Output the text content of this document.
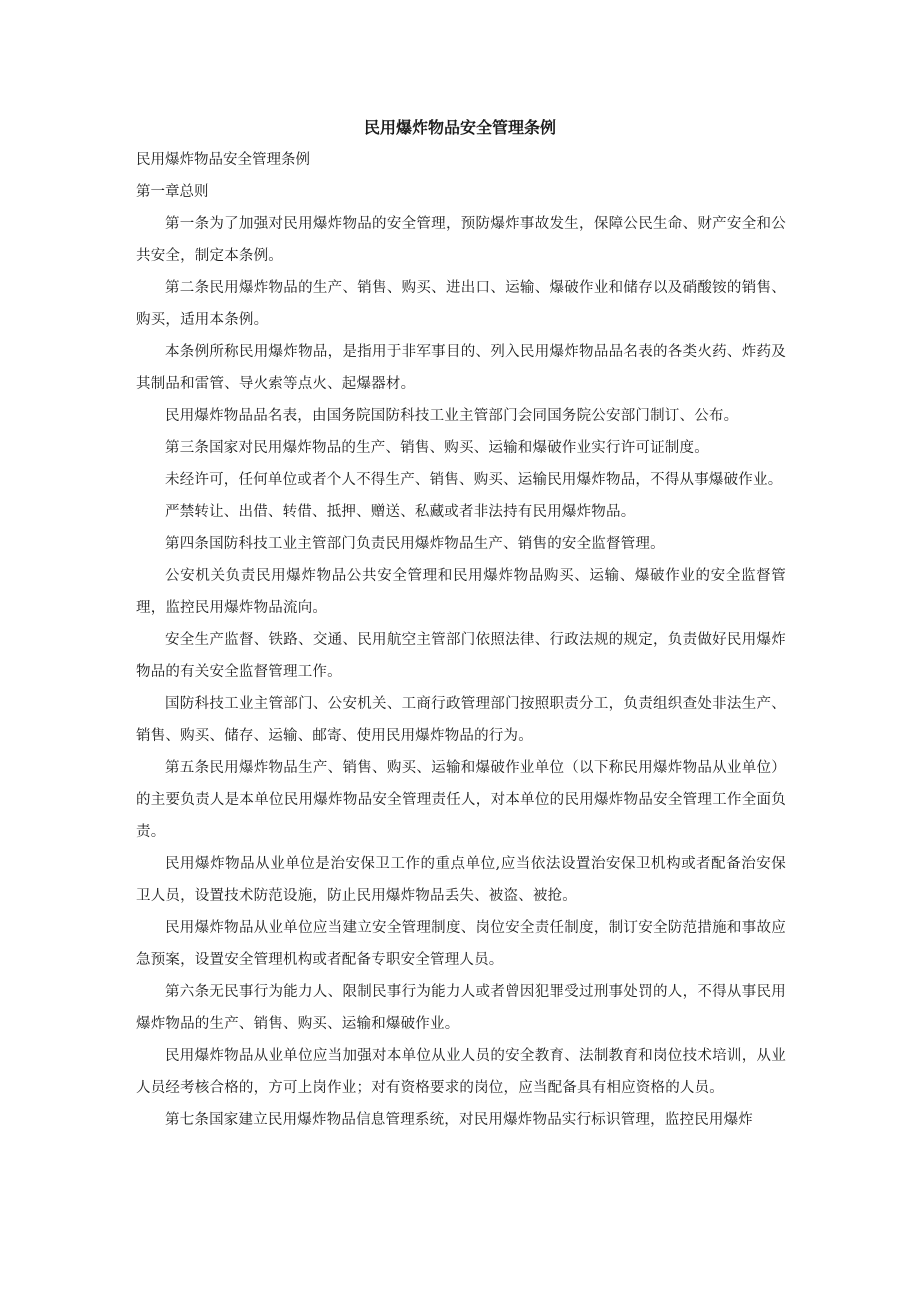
民用爆炸物品安全管理条例

民用爆炸物品安全管理条例

第一章总则

第一条为了加强对民用爆炸物品的安全管理，预防爆炸事故发生，保障公民生命、财产安全和公共安全，制定本条例。

第二条民用爆炸物品的生产、销售、购买、进出口、运输、爆破作业和储存以及硝酸铵的销售、购买，适用本条例。

本条例所称民用爆炸物品，是指用于非军事目的、列入民用爆炸物品品名表的各类火药、炸药及其制品和雷管、导火索等点火、起爆器材。

民用爆炸物品品名表，由国务院国防科技工业主管部门会同国务院公安部门制订、公布。

第三条国家对民用爆炸物品的生产、销售、购买、运输和爆破作业实行许可证制度。

未经许可，任何单位或者个人不得生产、销售、购买、运输民用爆炸物品，不得从事爆破作业。

严禁转让、出借、转借、抵押、赠送、私藏或者非法持有民用爆炸物品。

第四条国防科技工业主管部门负责民用爆炸物品生产、销售的安全监督管理。

公安机关负责民用爆炸物品公共安全管理和民用爆炸物品购买、运输、爆破作业的安全监督管理，监控民用爆炸物品流向。

安全生产监督、铁路、交通、民用航空主管部门依照法律、行政法规的规定，负责做好民用爆炸物品的有关安全监督管理工作。

国防科技工业主管部门、公安机关、工商行政管理部门按照职责分工，负责组织查处非法生产、销售、购买、储存、运输、邮寄、使用民用爆炸物品的行为。

第五条民用爆炸物品生产、销售、购买、运输和爆破作业单位（以下称民用爆炸物品从业单位）的主要负责人是本单位民用爆炸物品安全管理责任人，对本单位的民用爆炸物品安全管理工作全面负责。

民用爆炸物品从业单位是治安保卫工作的重点单位,应当依法设置治安保卫机构或者配备治安保卫人员，设置技术防范设施，防止民用爆炸物品丢失、被盗、被抢。

民用爆炸物品从业单位应当建立安全管理制度、岗位安全责任制度，制订安全防范措施和事故应急预案，设置安全管理机构或者配备专职安全管理人员。

第六条无民事行为能力人、限制民事行为能力人或者曾因犯罪受过刑事处罚的人，不得从事民用爆炸物品的生产、销售、购买、运输和爆破作业。

民用爆炸物品从业单位应当加强对本单位从业人员的安全教育、法制教育和岗位技术培训，从业人员经考核合格的，方可上岗作业；对有资格要求的岗位，应当配备具有相应资格的人员。

第七条国家建立民用爆炸物品信息管理系统，对民用爆炸物品实行标识管理，监控民用爆炸
